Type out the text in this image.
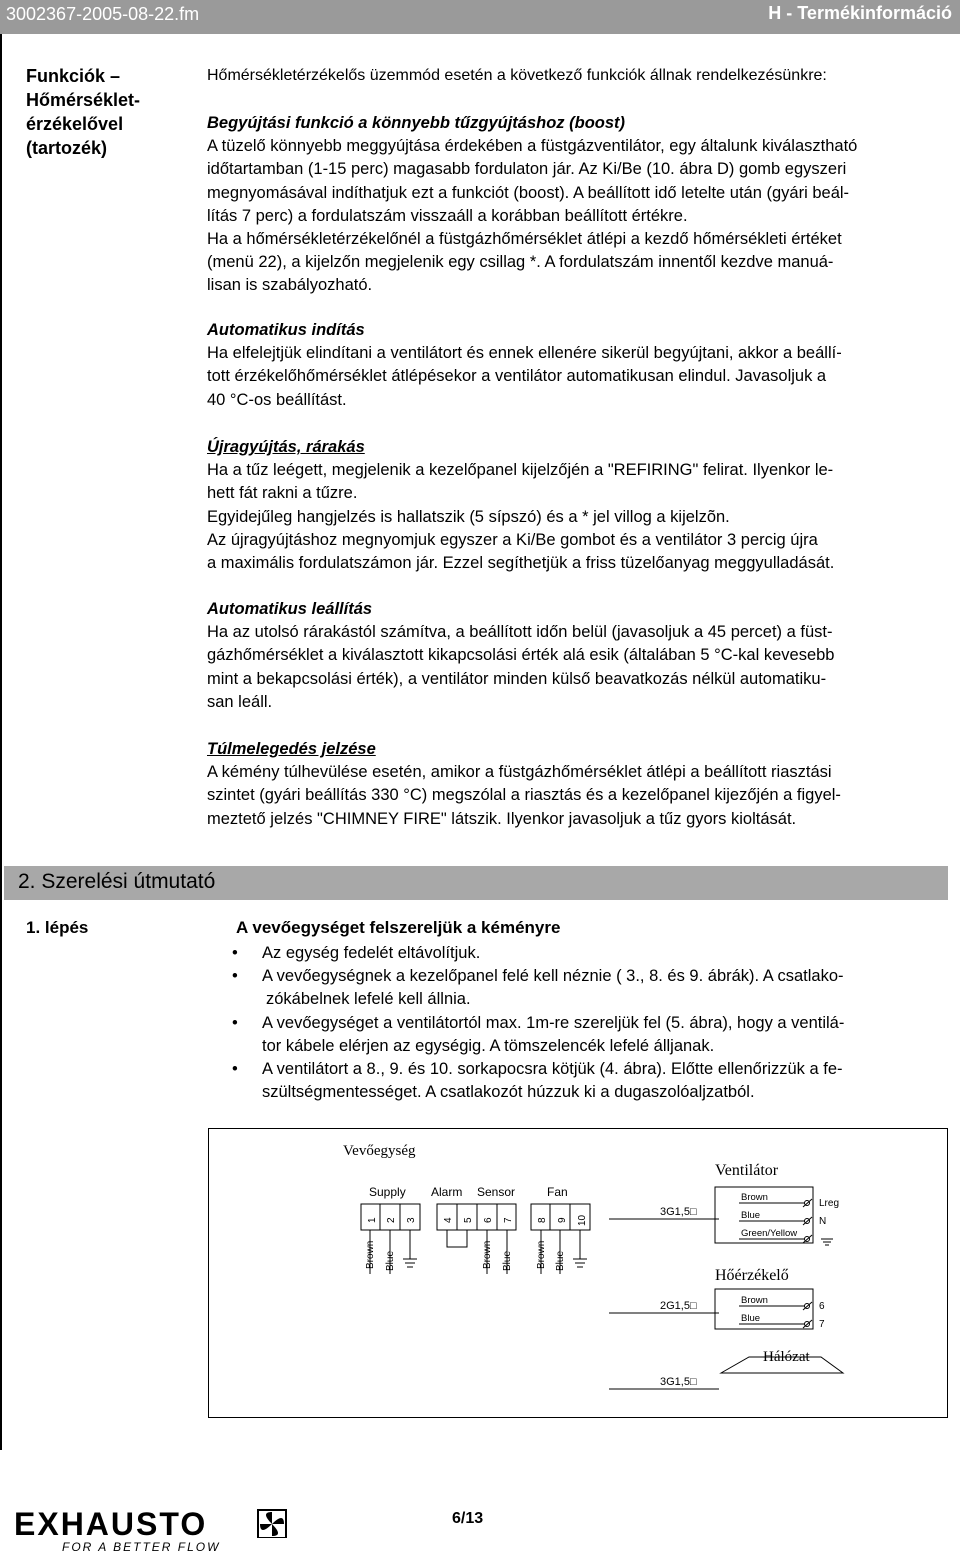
3002367-2005-08-22.fm	H - Termékinformáció
Funkciók –
Hőmérséklet-
érzékelővel
(tartozék)

Hőmérsékletérzékelős üzemmód esetén a következő funkciók állnak rendelkezésünkre:

Begyújtási funkció a könnyebb tűzgyújtáshoz (boost)

A tüzelő könnyebb meggyújtása érdekében a füstgázventilátor, egy általunk kiválasztható

időtartamban (1-15 perc) magasabb fordulaton jár. Az Ki/Be (10. ábra D) gomb egyszeri

megnyomásával indíthatjuk ezt a funkciót (boost). A beállított idő letelte után (gyári beál-

lítás 7 perc) a fordulatszám visszaáll a korábban beállított értékre.

Ha a hőmérsékletérzékelőnél a füstgázhőmérséklet átlépi a kezdő hőmérsékleti értéket

(menü 22), a kijelzőn megjelenik egy csillag *. A fordulatszám innentől kezdve manuá-

lisan is szabályozható.

Automatikus indítás

Ha elfelejtjük elindítani a ventilátort és ennek ellenére sikerül begyújtani, akkor a beállí-

tott érzékelőhőmérséklet átlépésekor a ventilátor automatikusan elindul. Javasoljuk a

40 °C-os beállítást.

Újragyújtás, rárakás

Ha a tűz leégett, megjelenik a kezelőpanel kijelzőjén a "REFIRING" felirat. Ilyenkor le-

hett fát rakni a tűzre.

Egyidejűleg hangjelzés is hallatszik (5 sípszó) és a * jel villog a kijelzõn.

Az újragyújtáshoz megnyomjuk egyszer a Ki/Be gombot és a ventilátor 3 percig újra

a maximális fordulatszámon jár. Ezzel segíthetjük a friss tüzelőanyag meggyulladását.

Automatikus leállítás

Ha az utolsó rárakástól számítva, a beállított időn belül (javasoljuk a 45 percet) a füst-

gázhőmérséklet a kiválasztott kikapcsolási érték alá esik (általában 5 °C-kal kevesebb

mint a bekapcsolási érték), a ventilátor minden külső beavatkozás nélkül automatiku-

san leáll.

Túlmelegedés jelzése

A kémény túlhevülése esetén, amikor a füstgázhőmérséklet átlépi a beállított riasztási

szintet (gyári beállítás 330 °C) megszólal a riasztás és a kezelőpanel kijezőjén a figyel-

meztető jelzés "CHIMNEY FIRE" látszik. Ilyenkor javasoljuk a tűz gyors kioltását.

2. Szerelési útmutató
1. lépés	A vevőegységet felszereljük a kéményre
• Az egység fedelét eltávolítjuk.
• A vevőegységnek a kezelőpanel felé kell néznie ( 3., 8. és 9. ábrák). A csatlako-
zókábelnek lefelé kell állnia.
• A vevőegységet a ventilátortól max. 1m-re szereljük fel (5. ábra), hogy a ventilá-
tor kábele elérjen az egységig. A tömszelencék lefelé álljanak.
• A ventilátort a 8., 9. és 10. sorkapocsra kötjük (4. ábra). Előtte ellenőrizzük a fe-
szültségmentességet. A csatlakozót húzzuk ki a dugaszolóaljzatból.
Vevőegység
Supply Alarm Sensor	Fan
1 2 3	4 5 6 7 8 9 10
Brown Blue	Brown Blue Brown Blue
3G1,5□
2G1,5□
3G1,5□
Ventilátor
Brown
Blue
Green/Yellow
Lreg
N
Hőérzékelő
Brown
Blue
6
7
Hálózat
EXHAUSTO
FOR A BETTER FLOW
6/13
